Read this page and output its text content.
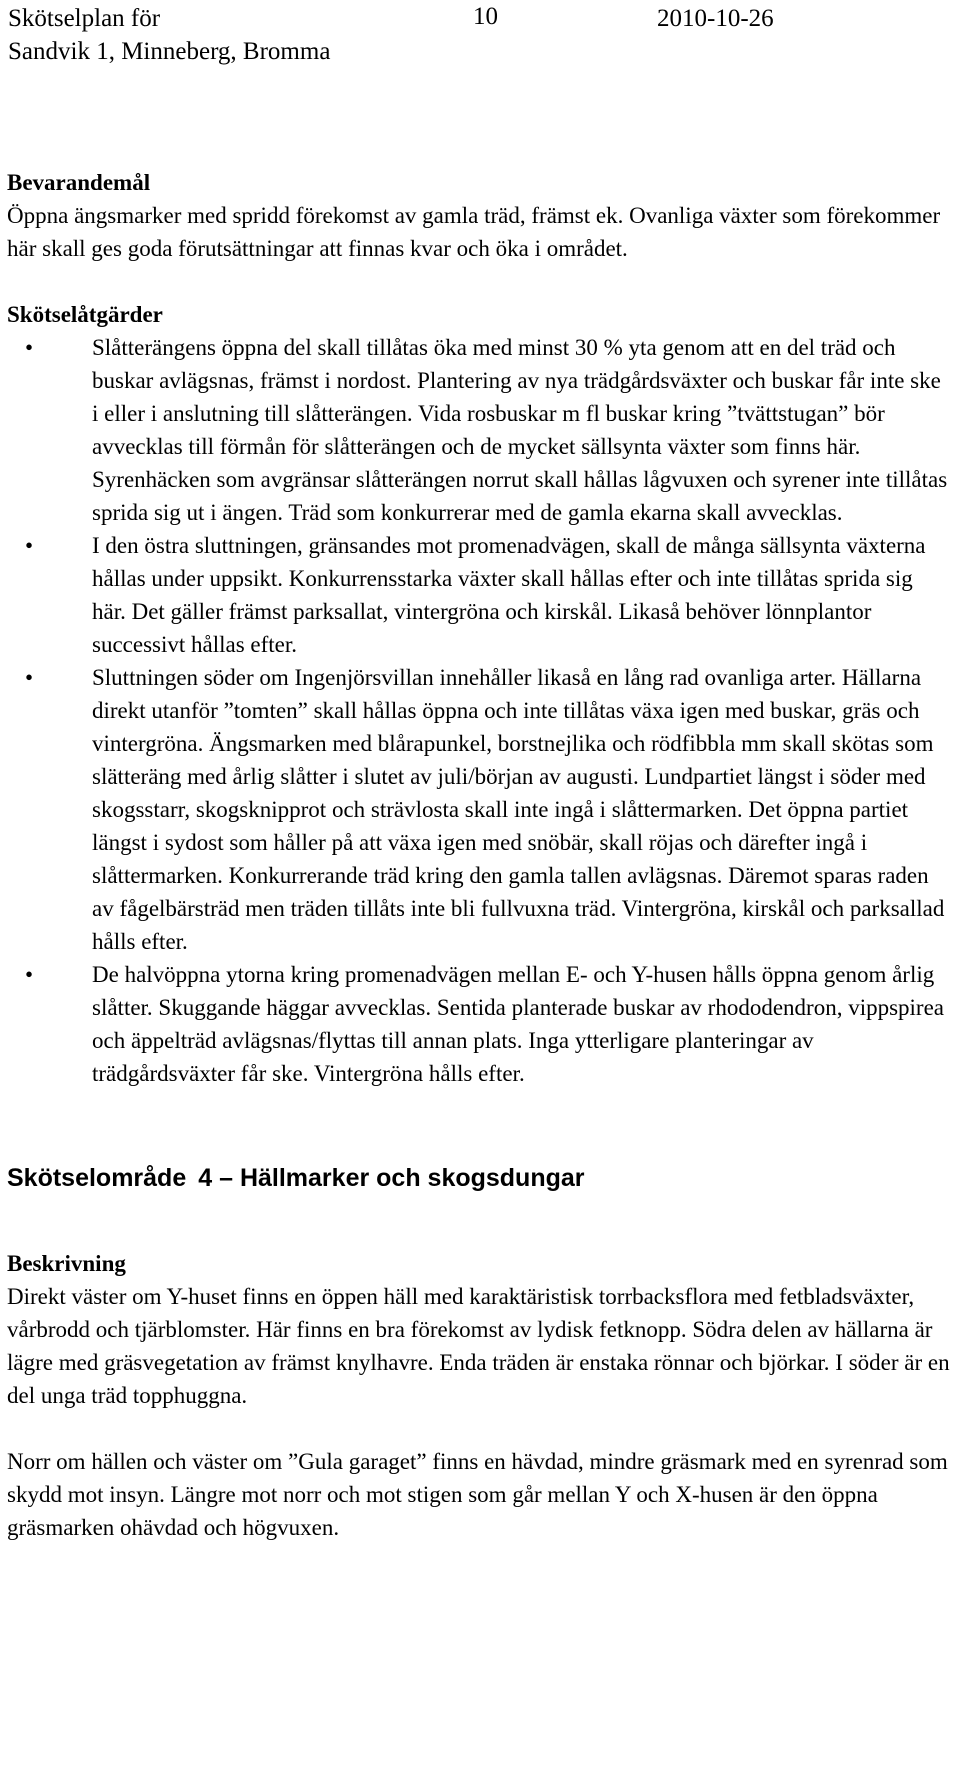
Skötselplan för
Sandvik 1, Minneberg, Bromma
10	2010-10-26

Bevarandemål

Öppna ängsmarker med spridd förekomst av gamla träd, främst ek. Ovanliga växter som förekommer här skall ges goda förutsättningar att finnas kvar och öka i området.

Skötselåtgärder

•	Slåtterängens öppna del skall tillåtas öka med minst 30 % yta genom att en del träd och buskar avlägsnas, främst i nordost. Plantering av nya trädgårdsväxter och buskar får inte ske i eller i anslutning till slåtterängen. Vida rosbuskar m fl buskar kring ”tvättstugan” bör avvecklas till förmån för slåtterängen och de mycket sällsynta växter som finns här. Syrenhäcken som avgränsar slåtterängen norrut skall hållas lågvuxen och syrener inte tillåtas sprida sig ut i ängen. Träd som konkurrerar med de gamla ekarna skall avvecklas.
•	I den östra sluttningen, gränsandes mot promenadvägen, skall de många sällsynta växterna hållas under uppsikt. Konkurrensstarka växter skall hållas efter och inte tillåtas sprida sig här. Det gäller främst parksallat, vintergröna och kirskål. Likaså behöver lönnplantor successivt hållas efter.
•	Sluttningen söder om Ingenjörsvillan innehåller likaså en lång rad ovanliga arter. Hällarna direkt utanför ”tomten” skall hållas öppna och inte tillåtas växa igen med buskar, gräs och vintergröna. Ängsmarken med blårapunkel, borstnejlika och rödfibbla mm skall skötas som slätteräng med årlig slåtter i slutet av juli/början av augusti. Lundpartiet längst i söder med skogsstarr, skogsknipprot och strävlosta skall inte ingå i slåttermarken. Det öppna partiet längst i sydost som håller på att växa igen med snöbär, skall röjas och därefter ingå i slåttermarken. Konkurrerande träd kring den gamla tallen avlägsnas. Däremot sparas raden av fågelbärsträd men träden tillåts inte bli fullvuxna träd. Vintergröna, kirskål och parksallad hålls efter.
•	De halvöppna ytorna kring promenadvägen mellan E- och Y-husen hålls öppna genom årlig slåtter. Skuggande häggar avvecklas. Sentida planterade buskar av rhododendron, vippspirea och äppelträd avlägsnas/flyttas till annan plats. Inga ytterligare planteringar av trädgårdsväxter får ske. Vintergröna hålls efter.

Skötselområde 4 – Hällmarker och skogsdungar

Beskrivning

Direkt väster om Y-huset finns en öppen häll med karaktäristisk torrbacksflora med fetbladsväxter, vårbrodd och tjärblomster. Här finns en bra förekomst av lydisk fetknopp. Södra delen av hällarna är lägre med gräsvegetation av främst knylhavre. Enda träden är enstaka rönnar och björkar. I söder är en del unga träd topphuggna.

Norr om hällen och väster om ”Gula garaget” finns en hävdad, mindre gräsmark med en syrenrad som skydd mot insyn. Längre mot norr och mot stigen som går mellan Y och X-husen är den öppna gräsmarken ohävdad och högvuxen.
